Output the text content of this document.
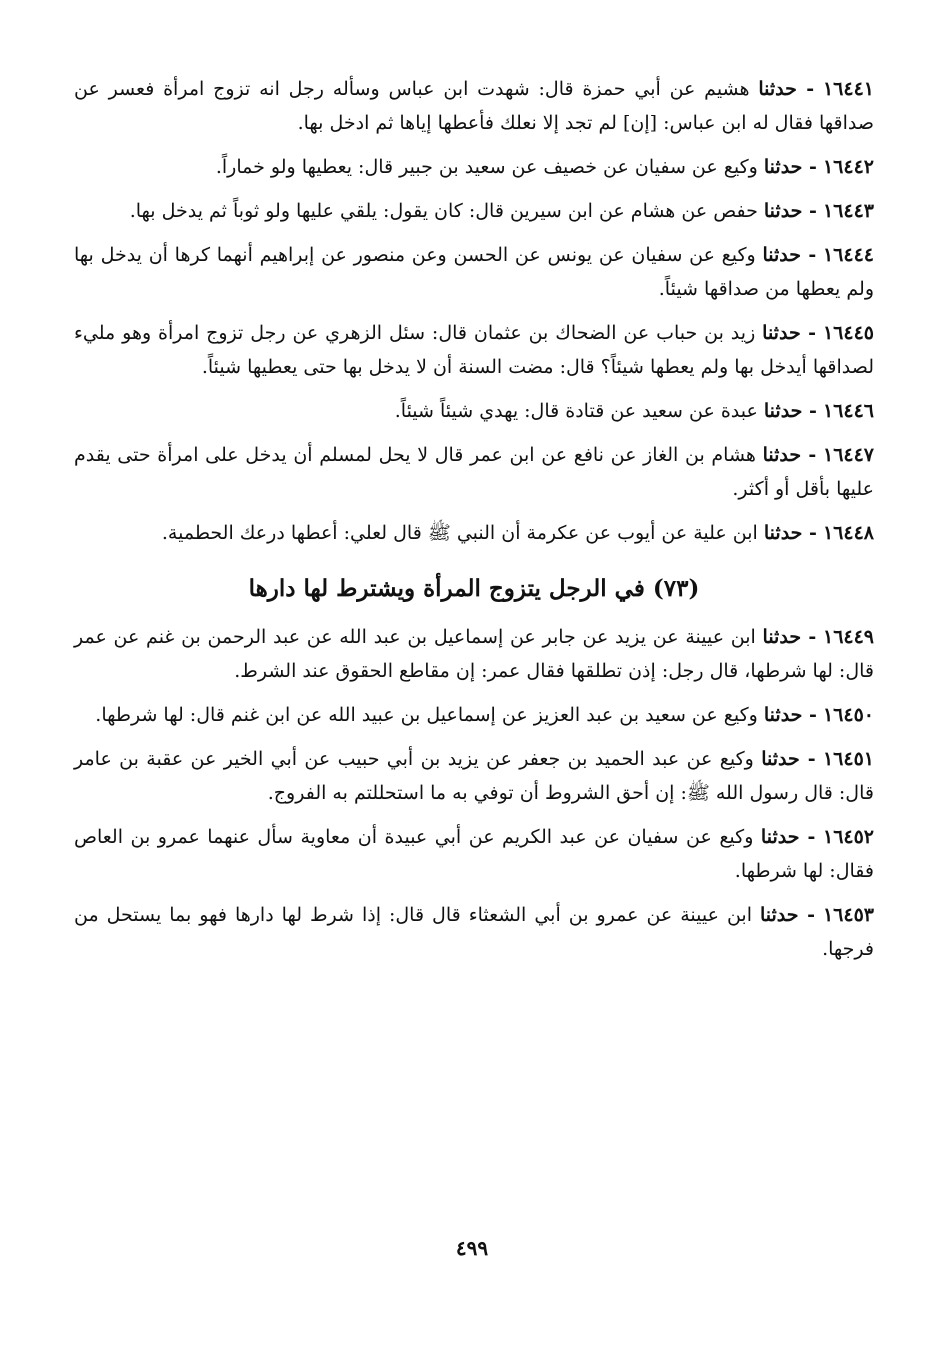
١٦٤٤١ - حدثنا هشيم عن أبي حمزة قال: شهدت ابن عباس وسأله رجل انه تزوج امرأة فعسر عن صداقها فقال له ابن عباس: [إن] لم تجد إلا نعلك فأعطها إياها ثم ادخل بها.

١٦٤٤٢ - حدثنا وكيع عن سفيان عن خصيف عن سعيد بن جبير قال: يعطيها ولو خماراً.

١٦٤٤٣ - حدثنا حفص عن هشام عن ابن سيرين قال: كان يقول: يلقي عليها ولو ثوباً ثم يدخل بها.

١٦٤٤٤ - حدثنا وكيع عن سفيان عن يونس عن الحسن وعن منصور عن إبراهيم أنهما كرها أن يدخل بها ولم يعطها من صداقها شيئاً.

١٦٤٤٥ - حدثنا زيد بن حباب عن الضحاك بن عثمان قال: سئل الزهري عن رجل تزوج امرأة وهو مليء لصداقها أيدخل بها ولم يعطها شيئاً؟ قال: مضت السنة أن لا يدخل بها حتى يعطيها شيئاً.

١٦٤٤٦ - حدثنا عبدة عن سعيد عن قتادة قال: يهدي شيئاً شيئاً.

١٦٤٤٧ - حدثنا هشام بن الغاز عن نافع عن ابن عمر قال لا يحل لمسلم أن يدخل على امرأة حتى يقدم عليها بأقل أو أكثر.

١٦٤٤٨ - حدثنا ابن علية عن أيوب عن عكرمة أن النبي ﷺ قال لعلي: أعطها درعك الحطمية.

(٧٣) في الرجل يتزوج المرأة ويشترط لها دارها

١٦٤٤٩ - حدثنا ابن عيينة عن يزيد عن جابر عن إسماعيل بن عبد الله عن عبد الرحمن بن غنم عن عمر قال: لها شرطها، قال رجل: إذن تطلقها فقال عمر: إن مقاطع الحقوق عند الشرط.

١٦٤٥٠ - حدثنا وكيع عن سعيد بن عبد العزيز عن إسماعيل بن عبيد الله عن ابن غنم قال: لها شرطها.

١٦٤٥١ - حدثنا وكيع عن عبد الحميد بن جعفر عن يزيد بن أبي حبيب عن أبي الخير عن عقبة بن عامر قال: قال رسول الله ﷺ: إن أحق الشروط أن توفي به ما استحللتم به الفروج.

١٦٤٥٢ - حدثنا وكيع عن سفيان عن عبد الكريم عن أبي عبيدة أن معاوية سأل عنهما عمرو بن العاص فقال: لها شرطها.

١٦٤٥٣ - حدثنا ابن عيينة عن عمرو بن أبي الشعثاء قال قال: إذا شرط لها دارها فهو بما يستحل من فرجها.

٤٩٩
